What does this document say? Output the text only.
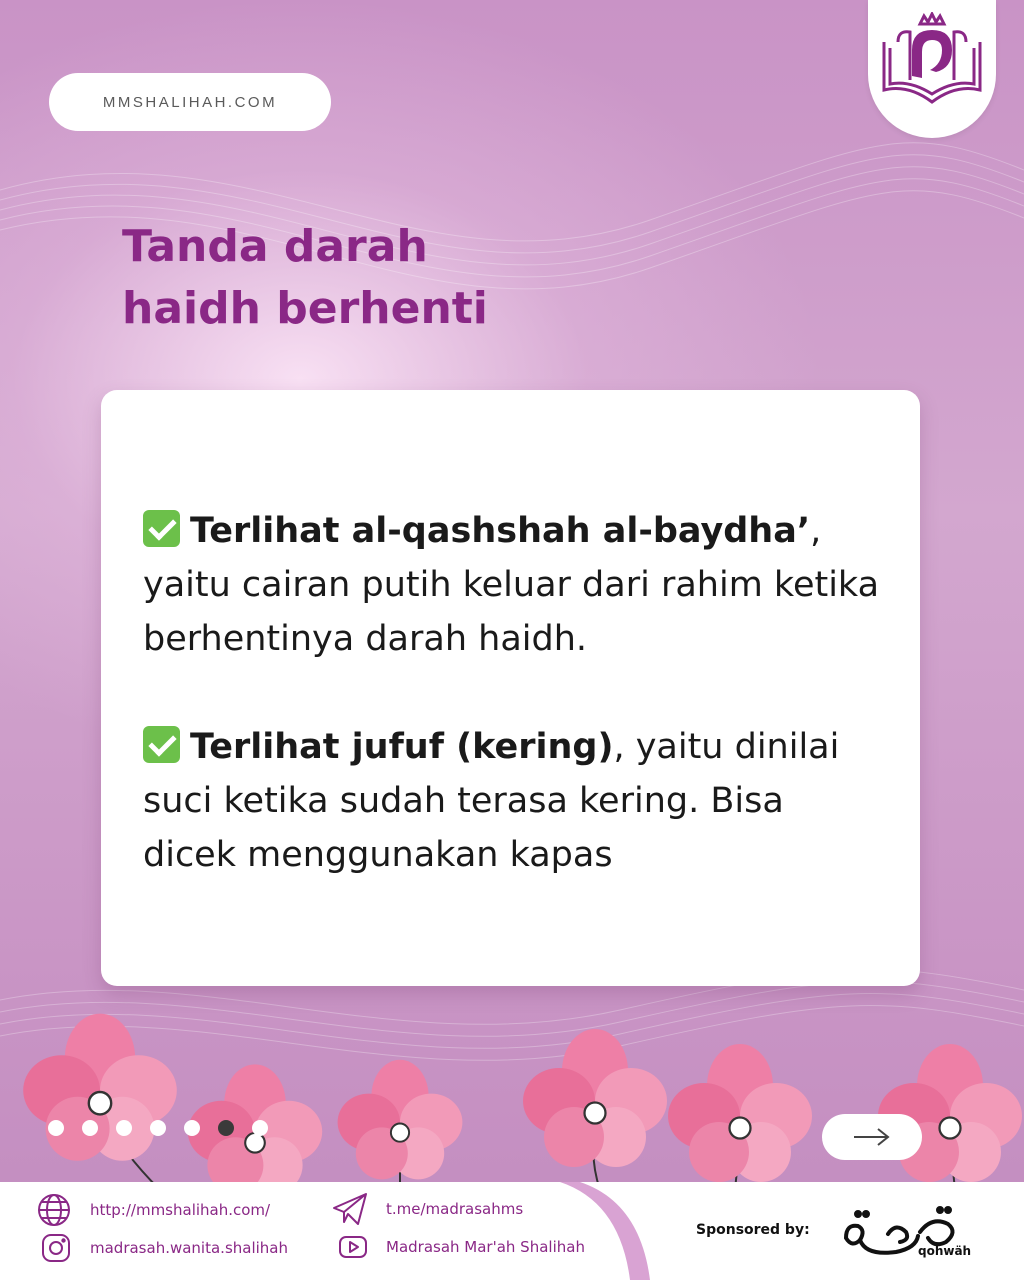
MMSHALIHAH.COM
Tanda darah
haidh berhenti

Terlihat al-qashshah al-baydha’, yaitu cairan putih keluar dari rahim ketika berhentinya darah haidh.

Terlihat jufuf (kering), yaitu dinilai suci ketika sudah terasa kering. Bisa dicek menggunakan kapas

http://mmshalihah.com/
madrasah.wanita.shalihah
t.me/madrasahms
Madrasah Mar'ah Shalihah
Sponsored by:
qohwäh
